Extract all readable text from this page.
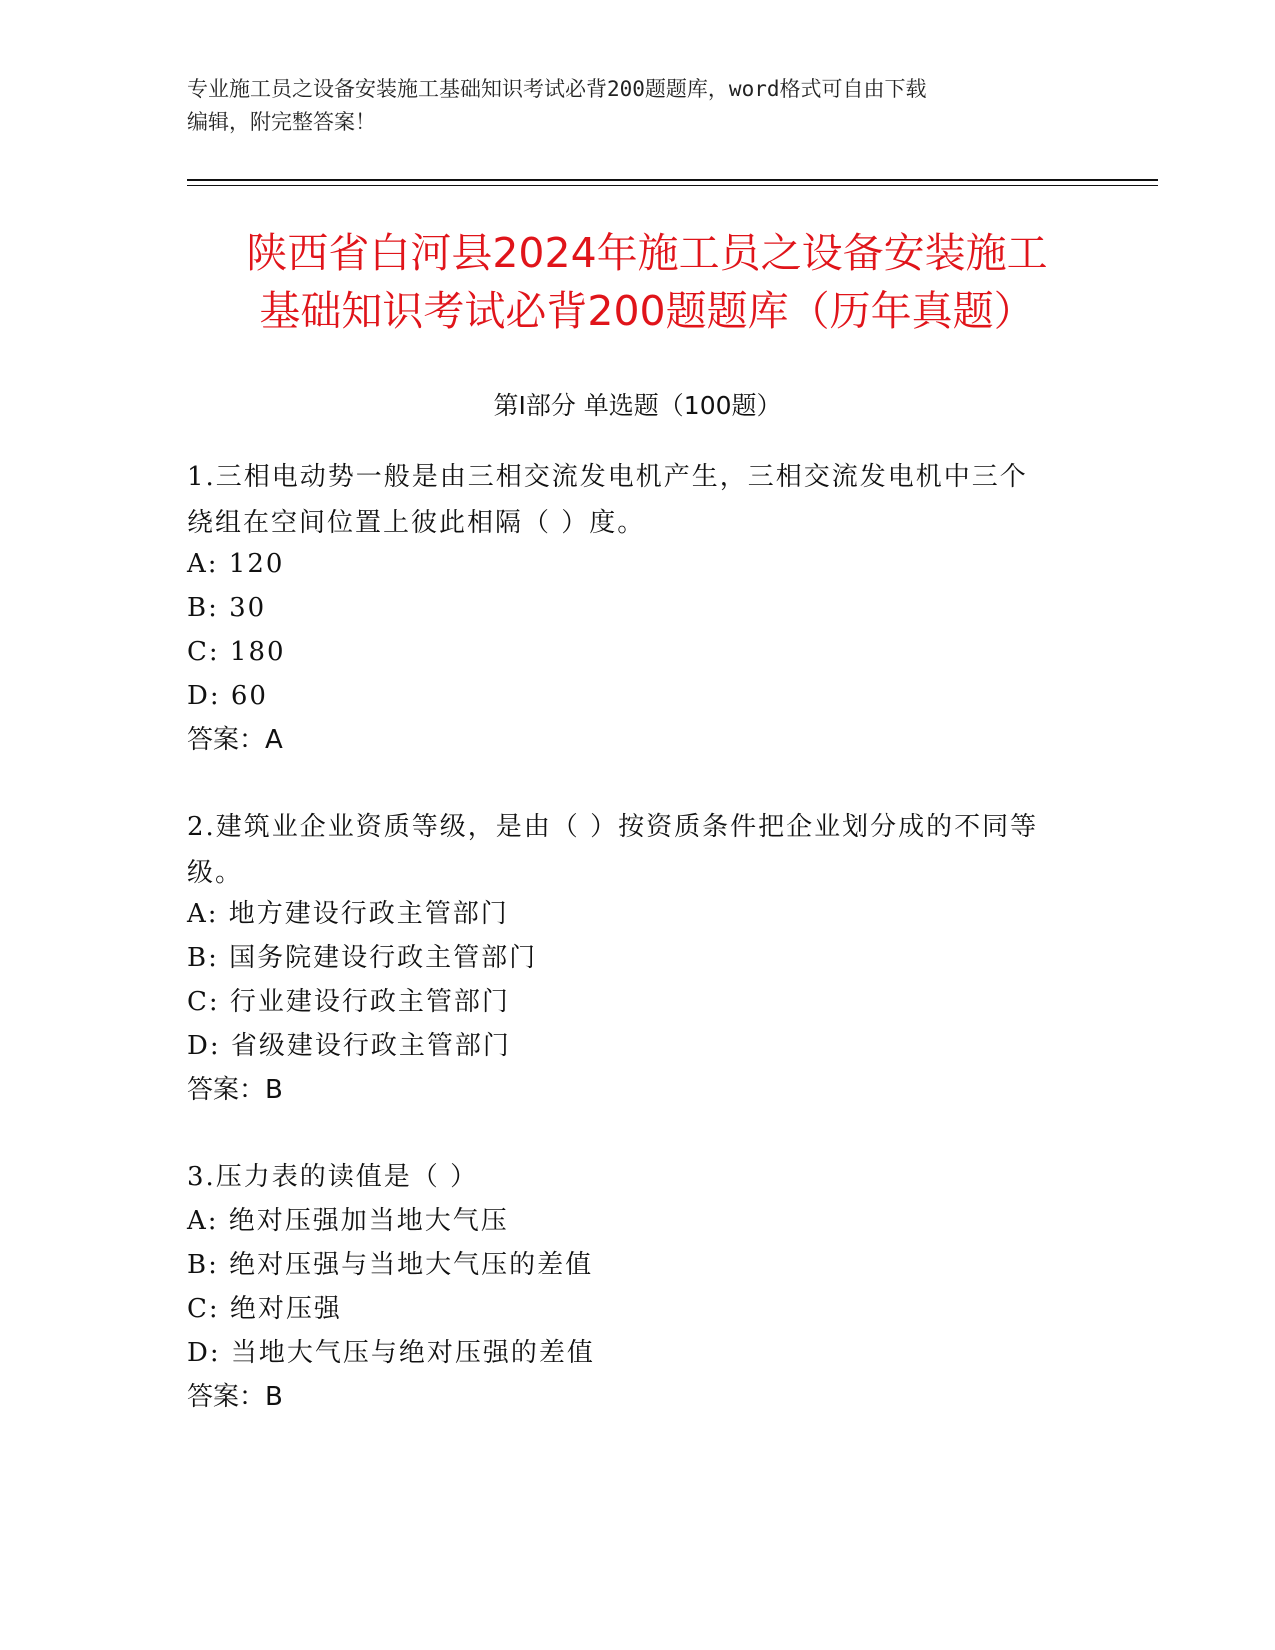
专业施工员之设备安装施工基础知识考试必背200题题库，word格式可自由下载
编辑，附完整答案！
陕西省白河县2024年施工员之设备安装施工
基础知识考试必背200题题库（历年真题）
第Ⅰ部分 单选题（100题）
1.三相电动势一般是由三相交流发电机产生，三相交流发电机中三个
绕组在空间位置上彼此相隔（ ）度。
A: 120
B: 30
C: 180
D: 60
答案：A
2.建筑业企业资质等级，是由（ ）按资质条件把企业划分成的不同等
级。
A: 地方建设行政主管部门
B: 国务院建设行政主管部门
C: 行业建设行政主管部门
D: 省级建设行政主管部门
答案：B
3.压力表的读值是（ ）
A: 绝对压强加当地大气压
B: 绝对压强与当地大气压的差值
C: 绝对压强
D: 当地大气压与绝对压强的差值
答案：B
